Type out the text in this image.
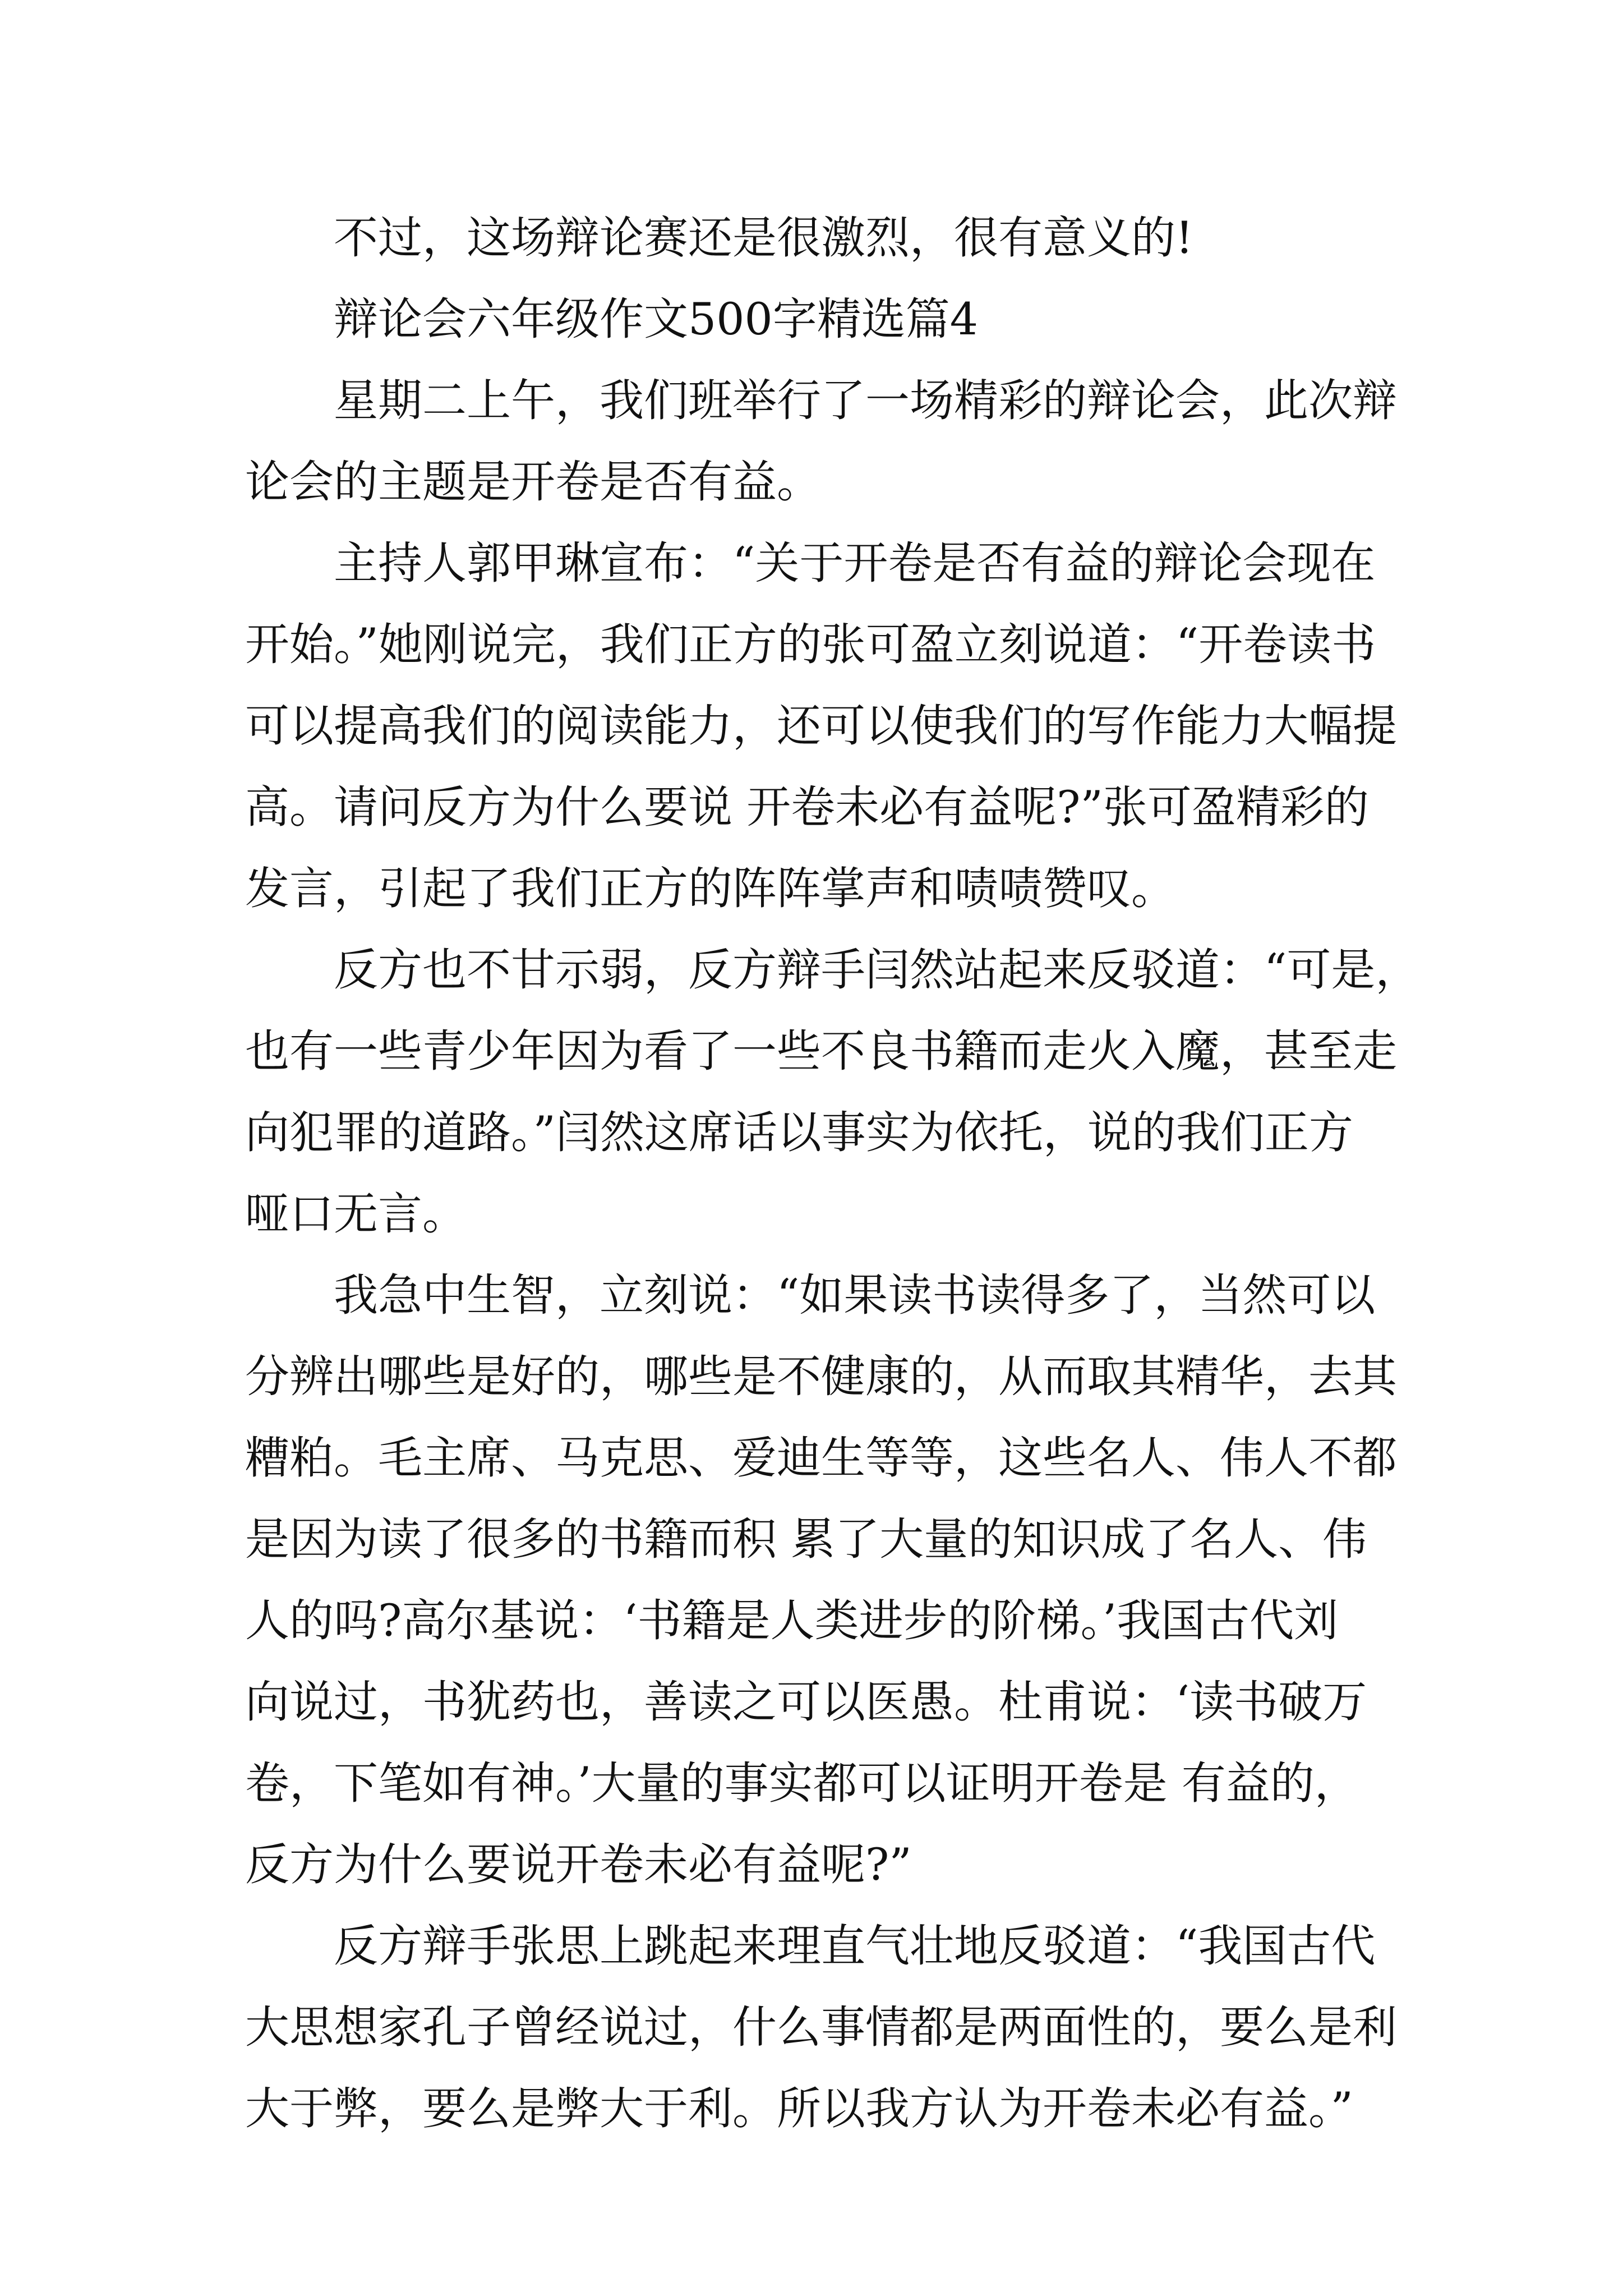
　　不过，这场辩论赛还是很激烈，很有意义的!
　　辩论会六年级作文500字精选篇4
　　星期二上午，我们班举行了一场精彩的辩论会，此次辩
论会的主题是开卷是否有益。
　　主持人郭甲琳宣布：“关于开卷是否有益的辩论会现在
开始。”她刚说完，我们正方的张可盈立刻说道：“开卷读书
可以提高我们的阅读能力，还可以使我们的写作能力大幅提
高。请问反方为什么要说 开卷未必有益呢?”张可盈精彩的
发言，引起了我们正方的阵阵掌声和啧啧赞叹。
　　反方也不甘示弱，反方辩手闫然站起来反驳道：“可是，
也有一些青少年因为看了一些不良书籍而走火入魔，甚至走
向犯罪的道路。”闫然这席话以事实为依托，说的我们正方
哑口无言。
　　我急中生智，立刻说：“如果读书读得多了，当然可以
分辨出哪些是好的，哪些是不健康的，从而取其精华，去其
糟粕。毛主席、马克思、爱迪生等等，这些名人、伟人不都
是因为读了很多的书籍而积 累了大量的知识成了名人、伟
人的吗?高尔基说：‘书籍是人类进步的阶梯。’我国古代刘
向说过，书犹药也，善读之可以医愚。杜甫说：‘读书破万
卷，下笔如有神。’大量的事实都可以证明开卷是 有益的，
反方为什么要说开卷未必有益呢?”
　　反方辩手张思上跳起来理直气壮地反驳道：“我国古代
大思想家孔子曾经说过，什么事情都是两面性的，要么是利
大于弊，要么是弊大于利。所以我方认为开卷未必有益。”
